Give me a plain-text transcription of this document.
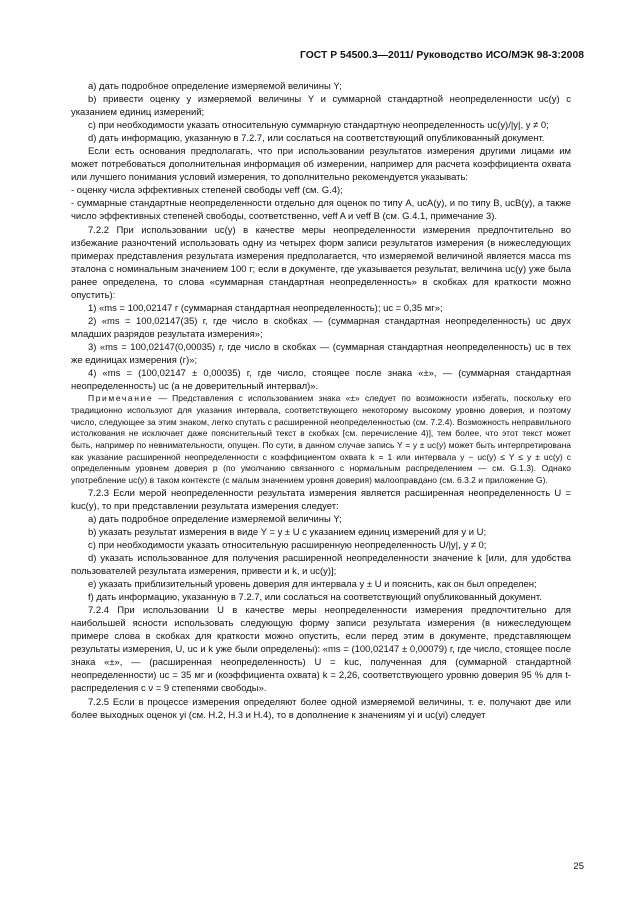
ГОСТ Р 54500.3—2011/ Руководство ИСО/МЭК 98-3:2008

a) дать подробное определение измеряемой величины Y;

b) привести оценку y измеряемой величины Y и суммарной стандартной неопределенности uc(y) с указанием единиц измерений;

c) при необходимости указать относительную суммарную стандартную неопределенность uc(y)/|y|, y ≠ 0;

d) дать информацию, указанную в 7.2.7, или сослаться на соответствующий опубликованный документ.

Если есть основания предполагать, что при использовании результатов измерения другими лицами им может потребоваться дополнительная информация об измерении, например для расчета коэффициента охвата или лучшего понимания условий измерения, то дополнительно рекомендуется указывать:

- оценку числа эффективных степеней свободы νeff (см. G.4);

- суммарные стандартные неопределенности отдельно для оценок по типу А, ucA(y), и по типу В, ucB(y), а также число эффективных степеней свободы, соответственно, νeff A и νeff B (см. G.4.1, примечание 3).

7.2.2 При использовании uc(y) в качестве меры неопределенности измерения предпочтительно во избежание разночтений использовать одну из четырех форм записи результатов измерения (в нижеследующих примерах представления результата измерения предполагается, что измеряемой величиной является масса ms эталона с номинальным значением 100 г; если в документе, где указывается результат, величина uc(y) уже была ранее определена, то слова «суммарная стандартная неопределенность» в скобках для краткости можно опустить):

1) «ms = 100,02147 г (суммарная стандартная неопределенность); uc = 0,35 мг»;

2) «ms = 100,02147(35) г, где число в скобках — (суммарная стандартная неопределенность) uc двух младших разрядов результата измерения»;

3) «ms = 100,02147(0,00035) г, где число в скобках — (суммарная стандартная неопределенность) uc в тех же единицах измерения (г)»;

4) «ms = (100,02147 ± 0,00035) г, где число, стоящее после знака «±», — (суммарная стандартная неопределенность) uc (а не доверительный интервал)».

Примечание — Представления с использованием знака «±» следует по возможности избегать, поскольку его традиционно используют для указания интервала, соответствующего некоторому высокому уровню доверия, и поэтому число, следующее за этим знаком, легко спутать с расширенной неопределенностью (см. 7.2.4). Возможность неправильного истолкования не исключает даже пояснительный текст в скобках [см. перечисление 4)], тем более, что этот текст может быть, например по невнимательности, опущен. По сути, в данном случае запись Y = y ± uc(y) может быть интерпретирована как указание расширенной неопределенности с коэффициентом охвата k = 1 или интервала y − uc(y) ≤ Y ≤ y ± uc(y) с определенным уровнем доверия p (по умолчанию связанного с нормальным распределением — см. G.1.3). Однако употребление uc(y) в таком контексте (с малым значением уровня доверия) малооправдано (см. 6.3.2 и приложение G).

7.2.3 Если мерой неопределенности результата измерения является расширенная неопределенность U = kuc(y), то при представлении результата измерения следует:

a) дать подробное определение измеряемой величины Y;

b) указать результат измерения в виде Y = y ± U с указанием единиц измерений для y и U;

c) при необходимости указать относительную расширенную неопределенность U/|y|, y ≠ 0;

d) указать использованное для получения расширенной неопределенности значение k [или, для удобства пользователей результата измерения, привести и k, и uc(y)];

e) указать приблизительный уровень доверия для интервала y ± U и пояснить, как он был определен;

f) дать информацию, указанную в 7.2.7, или сослаться на соответствующий опубликованный документ.

7.2.4 При использовании U в качестве меры неопределенности измерения предпочтительно для наибольшей ясности использовать следующую форму записи результата измерения (в нижеследующем примере слова в скобках для краткости можно опустить, если перед этим в документе, представляющем результаты измерения, U, uc и k уже были определены): «ms = (100,02147 ± 0,00079) г, где число, стоящее после знака «±», — (расширенная неопределенность) U = kuc, полученная для (суммарной стандартной неопределенности) uc = 35 мг и (коэффициента охвата) k = 2,26, соответствующего уровню доверия 95 % для t-распределения с ν = 9 степенями свободы».

7.2.5 Если в процессе измерения определяют более одной измеряемой величины, т. е. получают две или более выходных оценок yi (см. H.2, H.3 и H.4), то в дополнение к значениям yi и uc(yi) следует

25
